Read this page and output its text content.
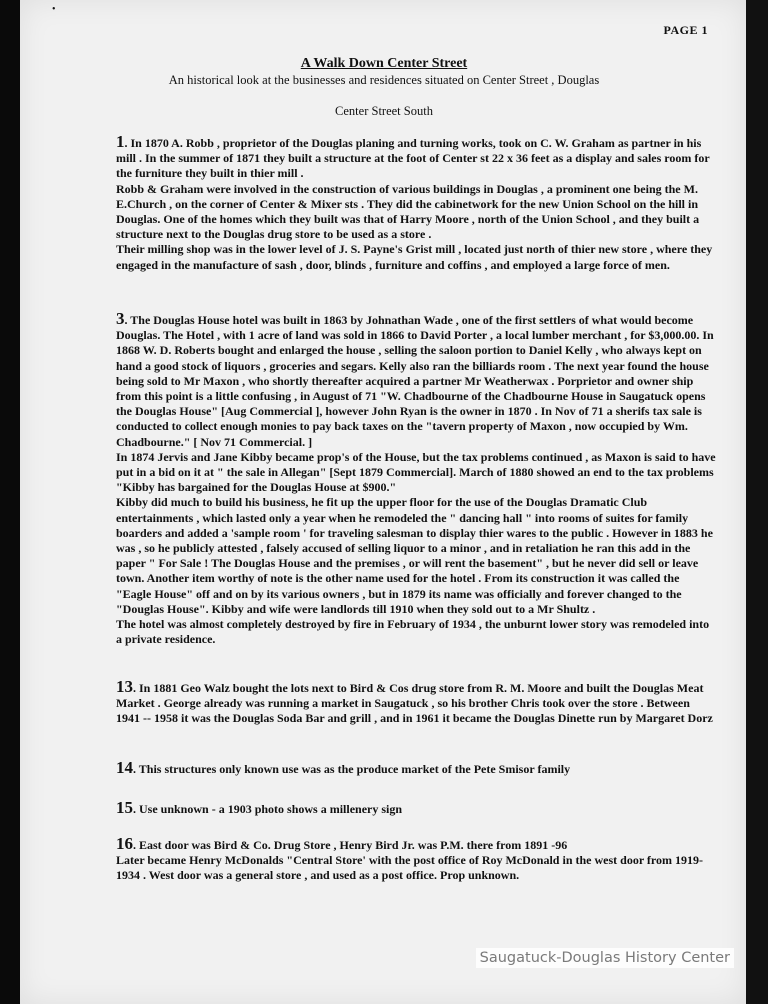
•
PAGE 1
A Walk Down Center Street
An historical look at the businesses and residences situated on Center Street , Douglas
Center Street South
1. In 1870 A. Robb , proprietor of the Douglas planing and turning works, took on C. W. Graham as partner in his mill . In the summer of 1871 they built a structure at the foot of Center st 22 x 36 feet as a display and sales room for the furniture they built in thier mill .
Robb & Graham were involved in the construction of various buildings in Douglas , a prominent one being the M. E.Church , on the corner of Center & Mixer sts . They did the cabinetwork for the new Union School on the hill in Douglas. One of the homes which they built was that of Harry Moore , north of the Union School , and they built a structure next to the Douglas drug store to be used as a store .
Their milling shop was in the lower level of J. S. Payne's Grist mill , located just north of thier new store , where they engaged in the manufacture of sash , door, blinds , furniture and coffins , and employed a large force of men.
3. The Douglas House hotel was built in 1863 by Johnathan Wade , one of the first settlers of what would become Douglas. The Hotel , with 1 acre of land was sold in 1866 to David Porter , a local lumber merchant , for $3,000.00. In 1868 W. D. Roberts bought and enlarged the house , selling the saloon portion to Daniel Kelly , who always kept on hand a good stock of liquors , groceries and segars. Kelly also ran the billiards room . The next year found the house being sold to Mr Maxon , who shortly thereafter acquired a partner Mr Weatherwax . Porprietor and owner ship from this point is a little confusing , in August of 71 "W. Chadbourne of the Chadbourne House in Saugatuck opens the Douglas House" [Aug Commercial ], however John Ryan is the owner in 1870 . In Nov of 71 a sherifs tax sale is conducted to collect enough monies to pay back taxes on the "tavern property of Maxon , now occupied by Wm. Chadbourne." [ Nov 71 Commercial. ]
In 1874 Jervis and Jane Kibby became prop's of the House, but the tax problems continued , as Maxon is said to have put in a bid on it at " the sale in Allegan" [Sept 1879 Commercial]. March of 1880 showed an end to the tax problems "Kibby has bargained for the Douglas House at $900."
Kibby did much to build his business, he fit up the upper floor for the use of the Douglas Dramatic Club entertainments , which lasted only a year when he remodeled the " dancing hall " into rooms of suites for family boarders and added a 'sample room ' for traveling salesman to display thier wares to the public . However in 1883 he was , so he publicly attested , falsely accused of selling liquor to a minor , and in retaliation he ran this add in the paper " For Sale ! The Douglas House and the premises , or will rent the basement" , but he never did sell or leave town. Another item worthy of note is the other name used for the hotel . From its construction it was called the "Eagle House" off and on by its various owners , but in 1879 its name was officially and forever changed to the "Douglas House". Kibby and wife were landlords till 1910 when they sold out to a Mr Shultz .
The hotel was almost completely destroyed by fire in February of 1934 , the unburnt lower story was remodeled into a private residence.
13. In 1881 Geo Walz bought the lots next to Bird & Cos drug store from R. M. Moore and built the Douglas Meat Market . George already was running a market in Saugatuck , so his brother Chris took over the store . Between 1941 -- 1958 it was the Douglas Soda Bar and grill , and in 1961 it became the Douglas Dinette run by Margaret Dorz
14. This structures only known use was as the produce market of the Pete Smisor family
15. Use unknown - a 1903 photo shows a millenery sign
16. East door was Bird & Co. Drug Store , Henry Bird Jr. was P.M. there from 1891 -96
Later became Henry McDonalds "Central Store' with the post office of Roy McDonald in the west door from 1919- 1934 . West door was a general store , and used as a post office. Prop unknown.
Saugatuck-Douglas History Center
